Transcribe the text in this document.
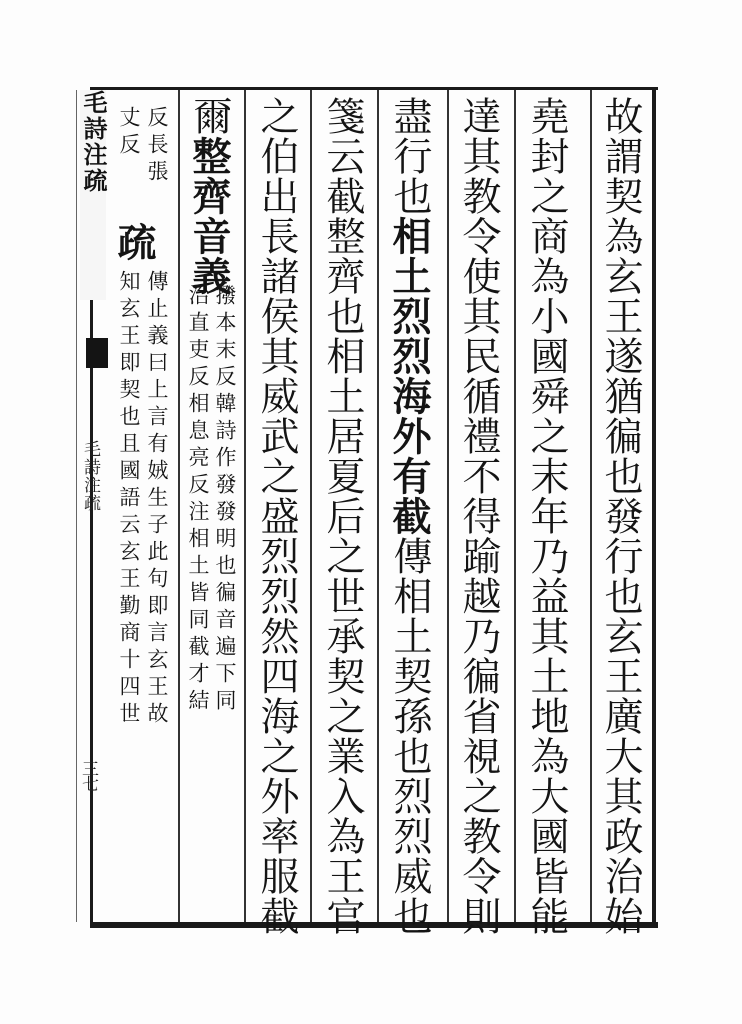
毛詩注疏
毛詩注疏
三七	故謂契為玄王遂猶徧也發行也玄王廣大其政治始
堯封之商為小國舜之末年乃益其土地為大國皆能
達其教令使其民循禮不得踰越乃徧省視之教令則
盡行也相土烈烈海外有截傳相土契孫也烈烈威也
箋云截整齊也相土居夏后之世承契之業入為王官
之伯出長諸侯其威武之盛烈烈然四海之外率服截
爾整齊音義
撥本末反韓詩作發發明也徧音遍下同
治直吏反相息亮反注相土皆同截才結
反長張
丈反
疏
傳止義曰上言有娀生子此句即言玄王故
知玄王即契也且國語云玄王勤商十四世
